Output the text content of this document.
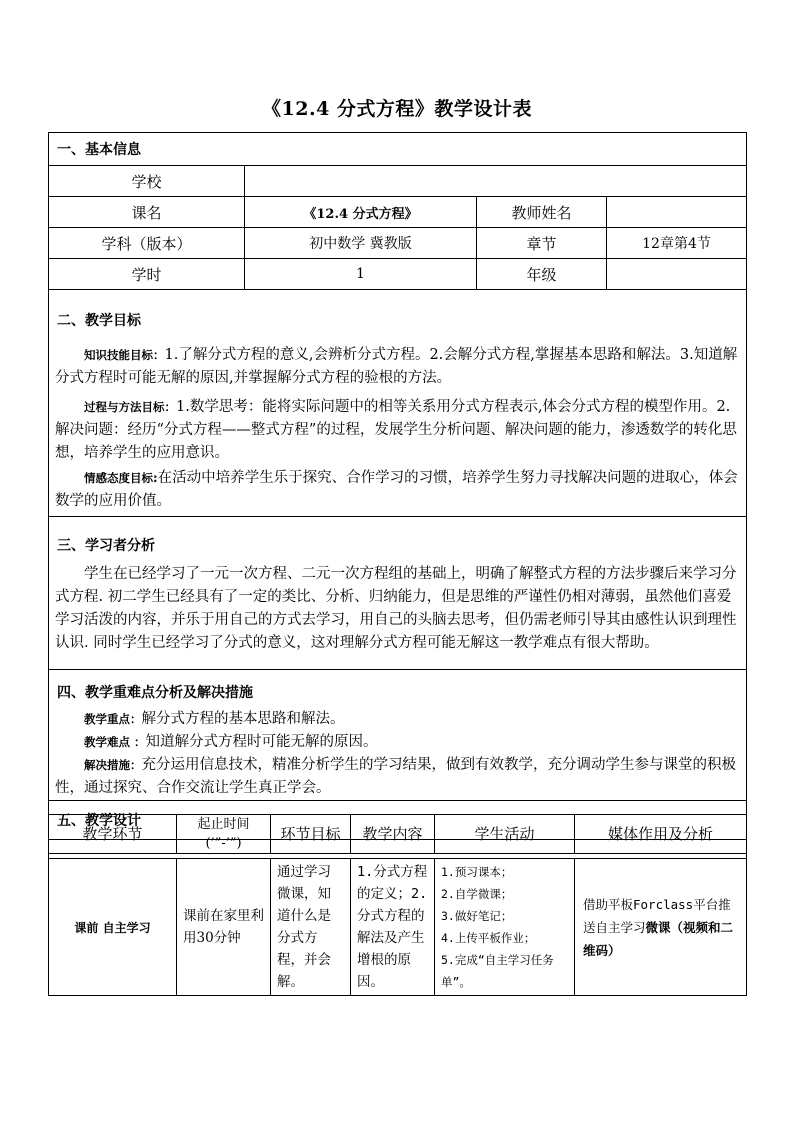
《12.4 分式方程》教学设计表
一、基本信息			
学校			
课名	《12.4 分式方程》	教师姓名	
学科（版本）	初中数学 冀教版	章节	12章第4节
学时	1	年级	

二、教学目标
知识技能目标：1.了解分式方程的意义,会辨析分式方程。2.会解分式方程,掌握基本思路和解法。3.知道解分式方程时可能无解的原因,并掌握解分式方程的验根的方法。
过程与方法目标：1.数学思考：能将实际问题中的相等关系用分式方程表示,体会分式方程的模型作用。2.解决问题：经历“分式方程——整式方程”的过程，发展学生分析问题、解决问题的能力，渗透数学的转化思想，培养学生的应用意识。
情感态度目标:在活动中培养学生乐于探究、合作学习的习惯，培养学生努力寻找解决问题的进取心，体会数学的应用价值。			

三、学习者分析
学生在已经学习了一元一次方程、二元一次方程组的基础上，明确了解整式方程的方法步骤后来学习分式方程. 初二学生已经具有了一定的类比、分析、归纳能力，但是思维的严谨性仍相对薄弱，虽然他们喜爱学习活泼的内容，并乐于用自己的方式去学习，用自己的头脑去思考，但仍需老师引导其由感性认识到理性认识. 同时学生已经学习了分式的意义，这对理解分式方程可能无解这一教学难点有很大帮助。			

四、教学重难点分析及解决措施
教学重点：解分式方程的基本思路和解法。
教学难点 ：知道解分式方程时可能无解的原因。
解决措施：充分运用信息技术，精准分析学生的学习结果，做到有效教学，充分调动学生参与课堂的积极性，通过探究、合作交流让学生真正学会。			

五、教学设计			
教学环节	起止时间(’”-’”)	环节目标	教学内容	学生活动	媒体作用及分析

课前 自主学习	课前在家里利用30分钟	通过学习微课，知道什么是分式方程，并会解。	1.分式方程的定义；2.分式方程的解法及产生增根的原因。	1.预习课本；
2.自学微课；
3.做好笔记；
4.上传平板作业；
5.完成“自主学习任务单”。	借助平板Forclass平台推送自主学习微课（视频和二维码）
